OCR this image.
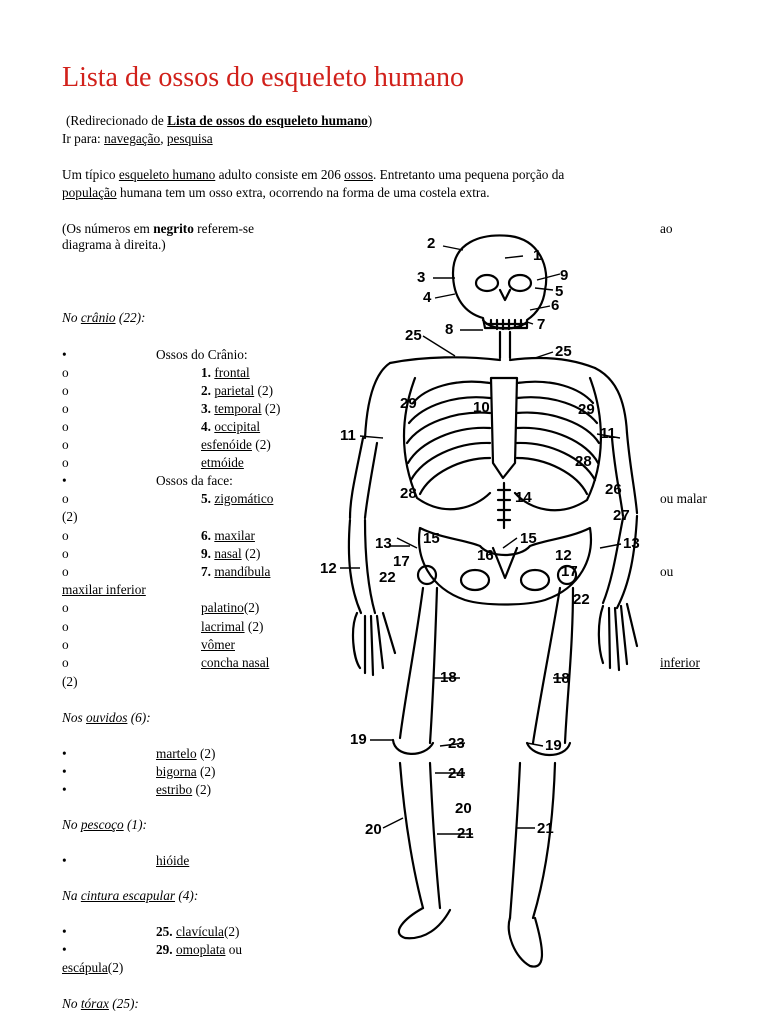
Lista de ossos do esqueleto humano
(Redirecionado de Lista de ossos do esqueleto humano)
Ir para: navegação, pesquisa
Um típico esqueleto humano adulto consiste em 206 ossos. Entretanto uma pequena porção da
população humana tem um osso extra, ocorrendo na forma de uma costela extra.
(Os números em negrito referem-se	ao
diagrama à direita.)
No crânio (22):
•	Ossos do Crânio:
o	1. frontal
o	2. parietal (2)
o	3. temporal (2)
o	4. occipital
o	esfenóide (2)
o	etmóide
•	Ossos da face:
o	5. zigomático	ou malar
(2)
o	6. maxilar
o	9. nasal (2)
o	7. mandíbula	ou
maxilar inferior
o	palatino(2)
o	lacrimal (2)
o	vômer
o	concha nasal	inferior
(2)
Nos ouvidos (6):
•	martelo (2)
•	bigorna (2)
•	estribo (2)
No pescoço (1):
•	hióide
Na cintura escapular (4):
•	25. clavícula(2)
•	29. omoplata ou
escápula(2)
No tórax (25):
2
1
3	9
5
4	6
7
8
25
25
29	29
10
11	11
28
28	26
14
27
15	15
13	13
16
17	12
12	17
22
22
18	18
19	23	19
24
20
20	21	21
